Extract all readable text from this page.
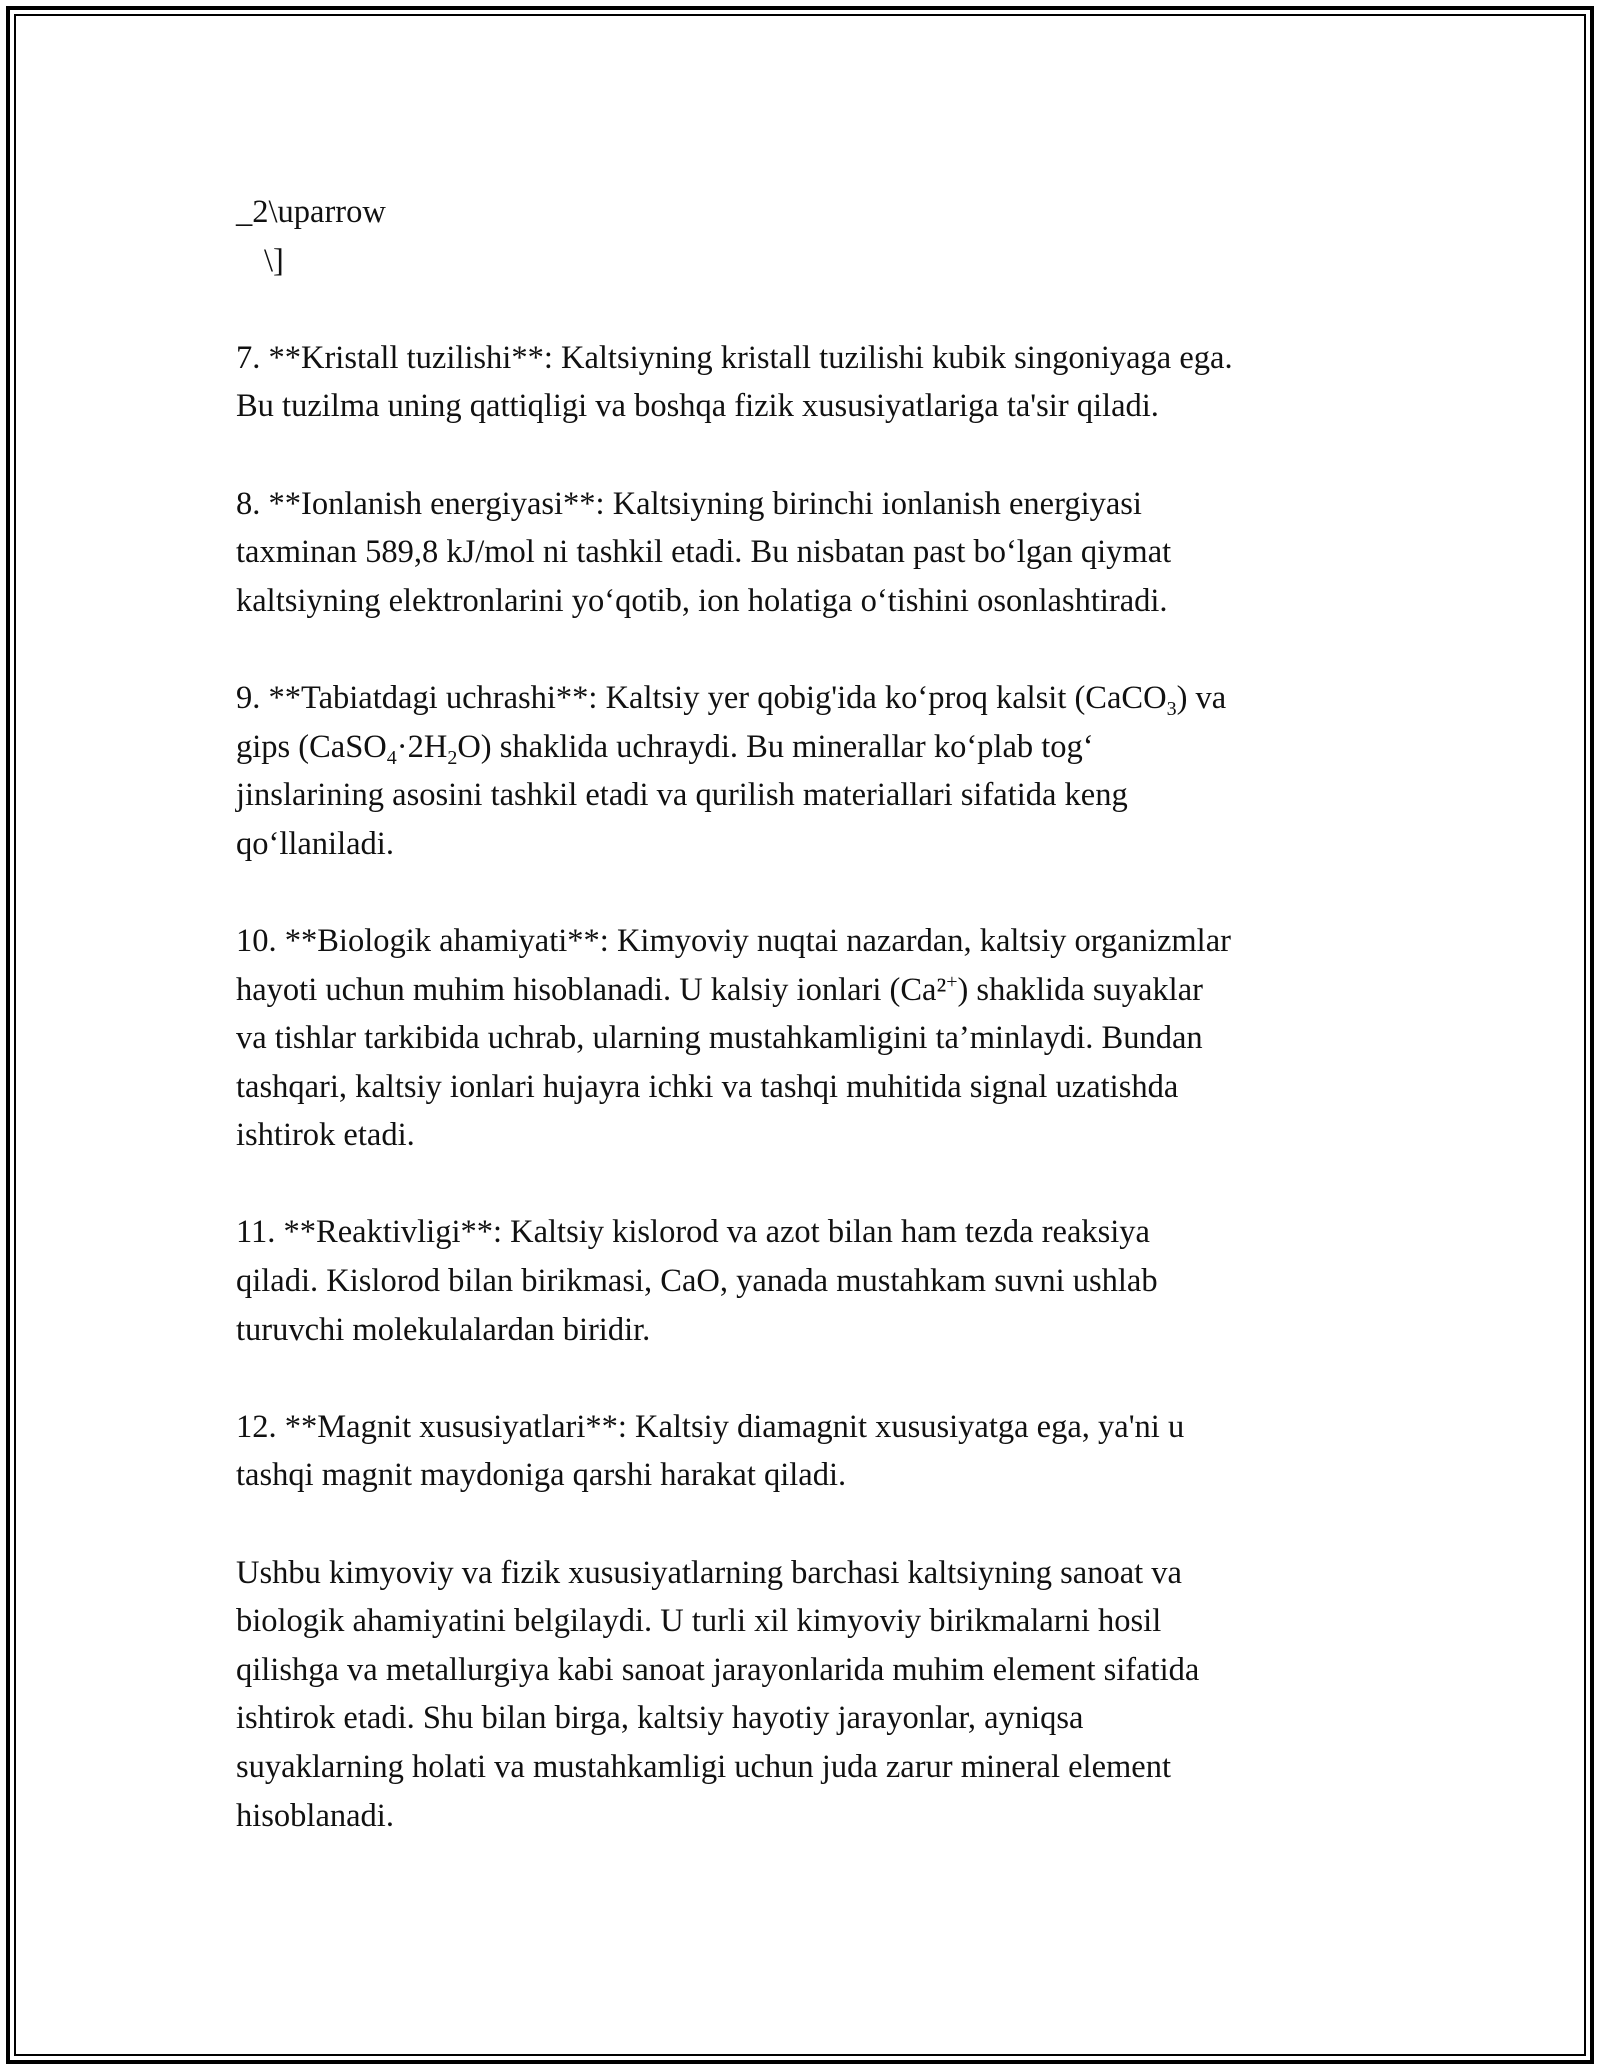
_2\uparrow
\]
7. **Kristall tuzilishi**: Kaltsiyning kristall tuzilishi kubik singoniyaga ega.
Bu tuzilma uning qattiqligi va boshqa fizik xususiyatlariga ta'sir qiladi.
8. **Ionlanish energiyasi**: Kaltsiyning birinchi ionlanish energiyasi
taxminan 589,8 kJ/mol ni tashkil etadi. Bu nisbatan past bo‘lgan qiymat
kaltsiyning elektronlarini yo‘qotib, ion holatiga o‘tishini osonlashtiradi.
9. **Tabiatdagi uchrashi**: Kaltsiy yer qobig'ida ko‘proq kalsit (CaCO$_3$) va
gips $(CaSO_4\cdot 2H_2O)$ shaklida uchraydi. Bu minerallar ko‘plab tog‘
jinslarining asosini tashkil etadi va qurilish materiallari sifatida keng
qo‘llaniladi.
10. **Biologik ahamiyati**: Kimyoviy nuqtai nazardan, kaltsiy organizmlar
hayoti uchun muhim hisoblanadi. U kalsiy ionlari (Ca²+) shaklida suyaklar
va tishlar tarkibida uchrab, ularning mustahkamligini ta’minlaydi. Bundan
tashqari, kaltsiy ionlari hujayra ichki va tashqi muhitida signal uzatishda
ishtirok etadi.
11. **Reaktivligi**: Kaltsiy kislorod va azot bilan ham tezda reaksiya
qiladi. Kislorod bilan birikmasi, CaO, yanada mustahkam suvni ushlab
turuvchi molekulalardan biridir.
12. **Magnit xususiyatlari**: Kaltsiy diamagnit xususiyatga ega, ya'ni u
tashqi magnit maydoniga qarshi harakat qiladi.
Ushbu kimyoviy va fizik xususiyatlarning barchasi kaltsiyning sanoat va
biologik ahamiyatini belgilaydi. U turli xil kimyoviy birikmalarni hosil
qilishga va metallurgiya kabi sanoat jarayonlarida muhim element sifatida
ishtirok etadi. Shu bilan birga, kaltsiy hayotiy jarayonlar, ayniqsa
suyaklarning holati va mustahkamligi uchun juda zarur mineral element
hisoblanadi.
